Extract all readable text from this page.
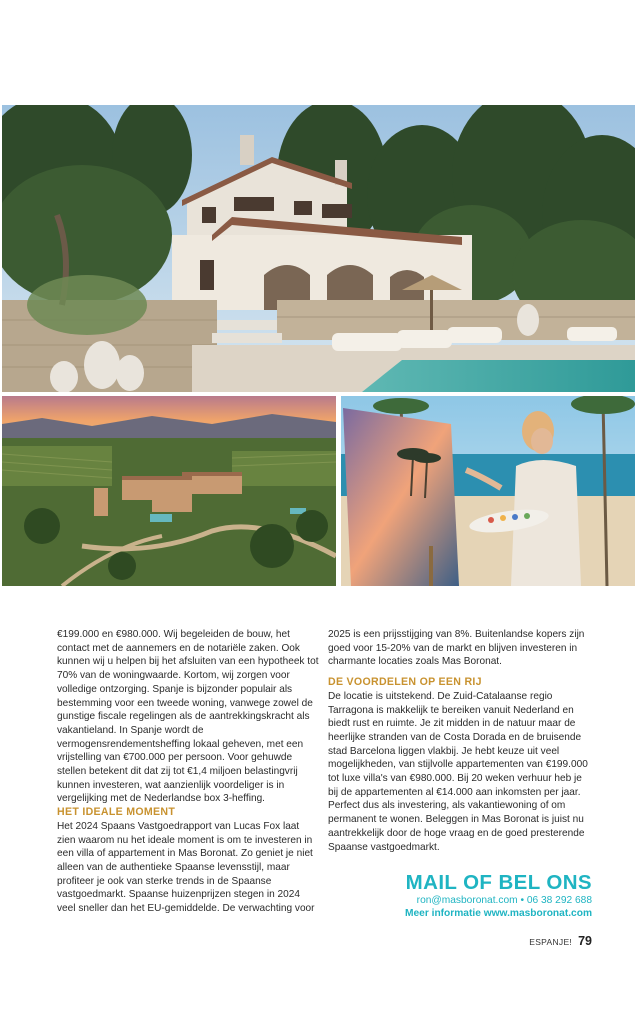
€199.000 en €980.000. Wij begeleiden de bouw, het contact met de aannemers en de notariële zaken. Ook kunnen wij u helpen bij het afsluiten van een hypotheek tot 70% van de woningwaarde. Kortom, wij zorgen voor volledige ontzorging. Spanje is bijzonder populair als bestemming voor een tweede woning, vanwege zowel de gunstige fiscale regelingen als de aantrekkingskracht als vakantieland. In Spanje wordt de vermogensrendementsheffing lokaal geheven, met een vrijstelling van €700.000 per persoon. Voor gehuwde stellen betekent dit dat zij tot €1,4 miljoen belastingvrij kunnen investeren, wat aanzienlijk voordeliger is in vergelijking met de Nederlandse box 3-heffing.

HET IDEALE MOMENT

Het 2024 Spaans Vastgoedrapport van Lucas Fox laat zien waarom nu het ideale moment is om te investeren in een villa of appartement in Mas Boronat. Zo geniet je niet alleen van de authentieke Spaanse levensstijl, maar profiteer je ook van sterke trends in de Spaanse vastgoedmarkt. Spaanse huizenprijzen stegen in 2024 veel sneller dan het EU-gemiddelde. De verwachting voor

2025 is een prijsstijging van 8%. Buitenlandse kopers zijn goed voor 15-20% van de markt en blijven investeren in charmante locaties zoals Mas Boronat.

DE VOORDELEN OP EEN RIJ

De locatie is uitstekend. De Zuid-Catalaanse regio Tarragona is makkelijk te bereiken vanuit Nederland en biedt rust en ruimte. Je zit midden in de natuur maar de heerlijke stranden van de Costa Dorada en de bruisende stad Barcelona liggen vlakbij. Je hebt keuze uit veel mogelijkheden, van stijlvolle appartementen van €199.000 tot luxe villa's van €980.000. Bij 20 weken verhuur heb je bij de appartementen al €14.000 aan inkomsten per jaar. Perfect dus als investering, als vakantiewoning of om permanent te wonen. Beleggen in Mas Boronat is juist nu aantrekkelijk door de hoge vraag en de goed presterende Spaanse vastgoedmarkt.

MAIL OF BEL ONS
ron@masboronat.com • 06 38 292 688
Meer informatie www.masboronat.com
ESPANJE! 79
